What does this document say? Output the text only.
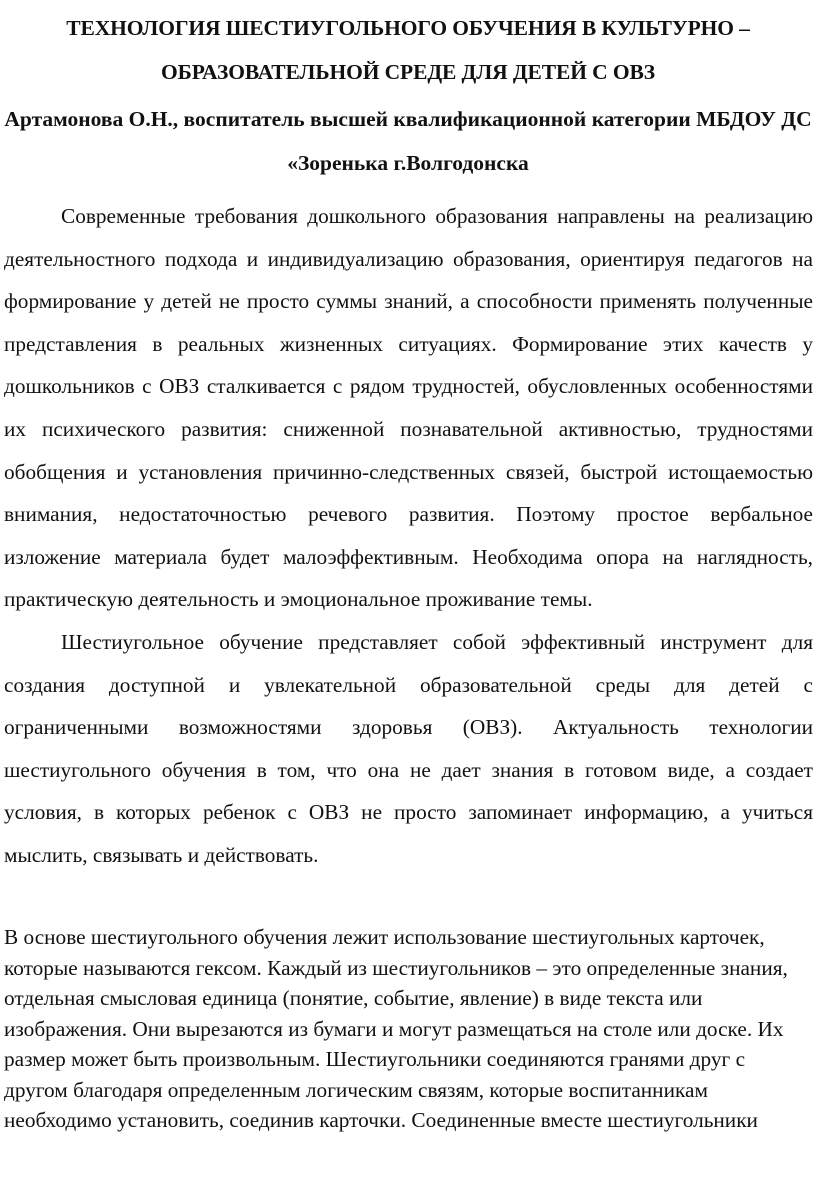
ТЕХНОЛОГИЯ ШЕСТИУГОЛЬНОГО ОБУЧЕНИЯ В КУЛЬТУРНО – ОБРАЗОВАТЕЛЬНОЙ СРЕДЕ ДЛЯ ДЕТЕЙ С ОВЗ
Артамонова О.Н., воспитатель высшей квалификационной категории МБДОУ ДС «Зоренька г.Волгодонска

Современные требования дошкольного образования направлены на реализацию деятельностного подхода и индивидуализацию образования, ориентируя педагогов на формирование у детей не просто суммы знаний, а способности применять полученные представления в реальных жизненных ситуациях. Формирование этих качеств у дошкольников с ОВЗ сталкивается с рядом трудностей, обусловленных особенностями их психического развития: сниженной познавательной активностью, трудностями обобщения и установления причинно-следственных связей, быстрой истощаемостью внимания, недостаточностью речевого развития. Поэтому простое вербальное изложение материала будет малоэффективным. Необходима опора на наглядность, практическую деятельность и эмоциональное проживание темы.

Шестиугольное обучение представляет собой эффективный инструмент для создания доступной и увлекательной образовательной среды для детей с ограниченными возможностями здоровья (ОВЗ). Актуальность технологии шестиугольного обучения в том, что она не дает знания в готовом виде, а создает условия, в которых ребенок с ОВЗ не просто запоминает информацию, а учиться мыслить, связывать и действовать.

В основе шестиугольного обучения лежит использование шестиугольных карточек, которые называются гексом. Каждый из шестиугольников – это определенные знания, отдельная смысловая единица (понятие, событие, явление) в виде текста или изображения. Они вырезаются из бумаги и могут размещаться на столе или доске. Их размер может быть произвольным. Шестиугольники соединяются гранями друг с другом благодаря определенным логическим связям, которые воспитанникам необходимо установить, соединив карточки. Соединенные вместе шестиугольники
